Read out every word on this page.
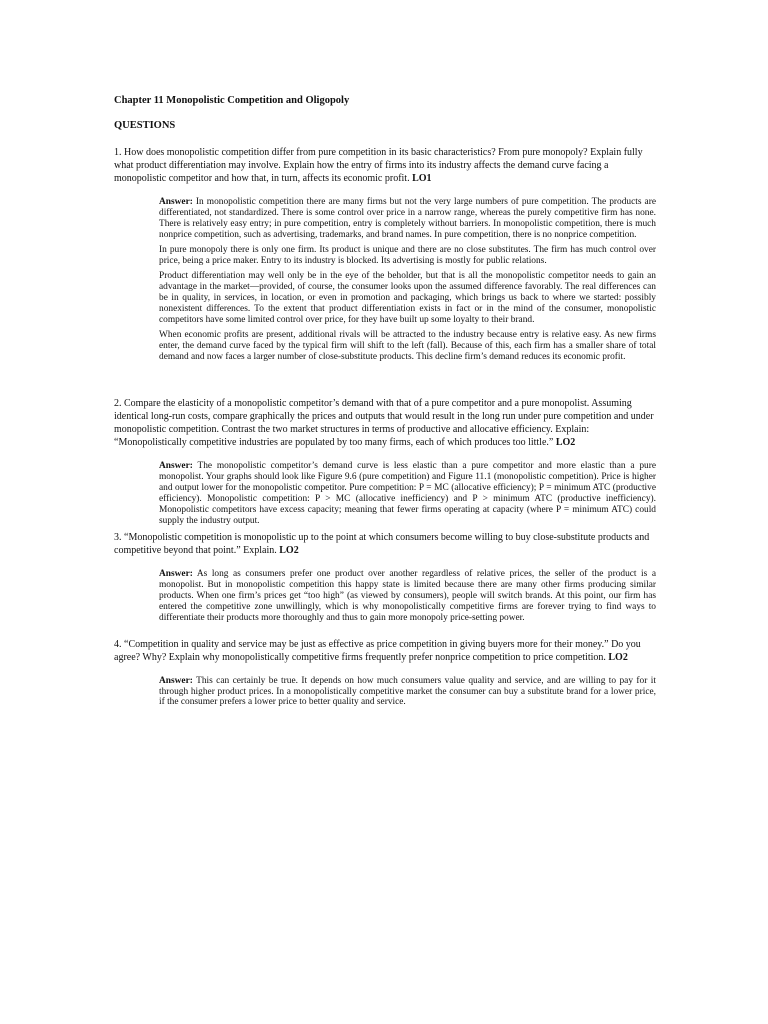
Chapter 11 Monopolistic Competition and Oligopoly
QUESTIONS
1. How does monopolistic competition differ from pure competition in its basic characteristics? From pure monopoly? Explain fully what product differentiation may involve. Explain how the entry of firms into its industry affects the demand curve facing a monopolistic competitor and how that, in turn, affects its economic profit. LO1

Answer: In monopolistic competition there are many firms but not the very large numbers of pure competition. The products are differentiated, not standardized. There is some control over price in a narrow range, whereas the purely competitive firm has none. There is relatively easy entry; in pure competition, entry is completely without barriers. In monopolistic competition, there is much nonprice competition, such as advertising, trademarks, and brand names. In pure competition, there is no nonprice competition.

In pure monopoly there is only one firm. Its product is unique and there are no close substitutes. The firm has much control over price, being a price maker. Entry to its industry is blocked. Its advertising is mostly for public relations.

Product differentiation may well only be in the eye of the beholder, but that is all the monopolistic competitor needs to gain an advantage in the market—provided, of course, the consumer looks upon the assumed difference favorably. The real differences can be in quality, in services, in location, or even in promotion and packaging, which brings us back to where we started: possibly nonexistent differences. To the extent that product differentiation exists in fact or in the mind of the consumer, monopolistic competitors have some limited control over price, for they have built up some loyalty to their brand.

When economic profits are present, additional rivals will be attracted to the industry because entry is relative easy. As new firms enter, the demand curve faced by the typical firm will shift to the left (fall). Because of this, each firm has a smaller share of total demand and now faces a larger number of close-substitute products. This decline firm’s demand reduces its economic profit.

2. Compare the elasticity of a monopolistic competitor’s demand with that of a pure competitor and a pure monopolist. Assuming identical long-run costs, compare graphically the prices and outputs that would result in the long run under pure competition and under monopolistic competition. Contrast the two market structures in terms of productive and allocative efficiency. Explain: “Monopolistically competitive industries are populated by too many firms, each of which produces too little.” LO2

Answer: The monopolistic competitor’s demand curve is less elastic than a pure competitor and more elastic than a pure monopolist. Your graphs should look like Figure 9.6 (pure competition) and Figure 11.1 (monopolistic competition). Price is higher and output lower for the monopolistic competitor. Pure competition: P = MC (allocative efficiency); P = minimum ATC (productive efficiency). Monopolistic competition: P > MC (allocative inefficiency) and P > minimum ATC (productive inefficiency). Monopolistic competitors have excess capacity; meaning that fewer firms operating at capacity (where P = minimum ATC) could supply the industry output.

3. “Monopolistic competition is monopolistic up to the point at which consumers become willing to buy close-substitute products and competitive beyond that point.” Explain. LO2

Answer: As long as consumers prefer one product over another regardless of relative prices, the seller of the product is a monopolist. But in monopolistic competition this happy state is limited because there are many other firms producing similar products. When one firm’s prices get “too high” (as viewed by consumers), people will switch brands. At this point, our firm has entered the competitive zone unwillingly, which is why monopolistically competitive firms are forever trying to find ways to differentiate their products more thoroughly and thus to gain more monopoly price-setting power.

4. “Competition in quality and service may be just as effective as price competition in giving buyers more for their money.” Do you agree? Why? Explain why monopolistically competitive firms frequently prefer nonprice competition to price competition. LO2

Answer: This can certainly be true. It depends on how much consumers value quality and service, and are willing to pay for it through higher product prices. In a monopolistically competitive market the consumer can buy a substitute brand for a lower price, if the consumer prefers a lower price to better quality and service.
